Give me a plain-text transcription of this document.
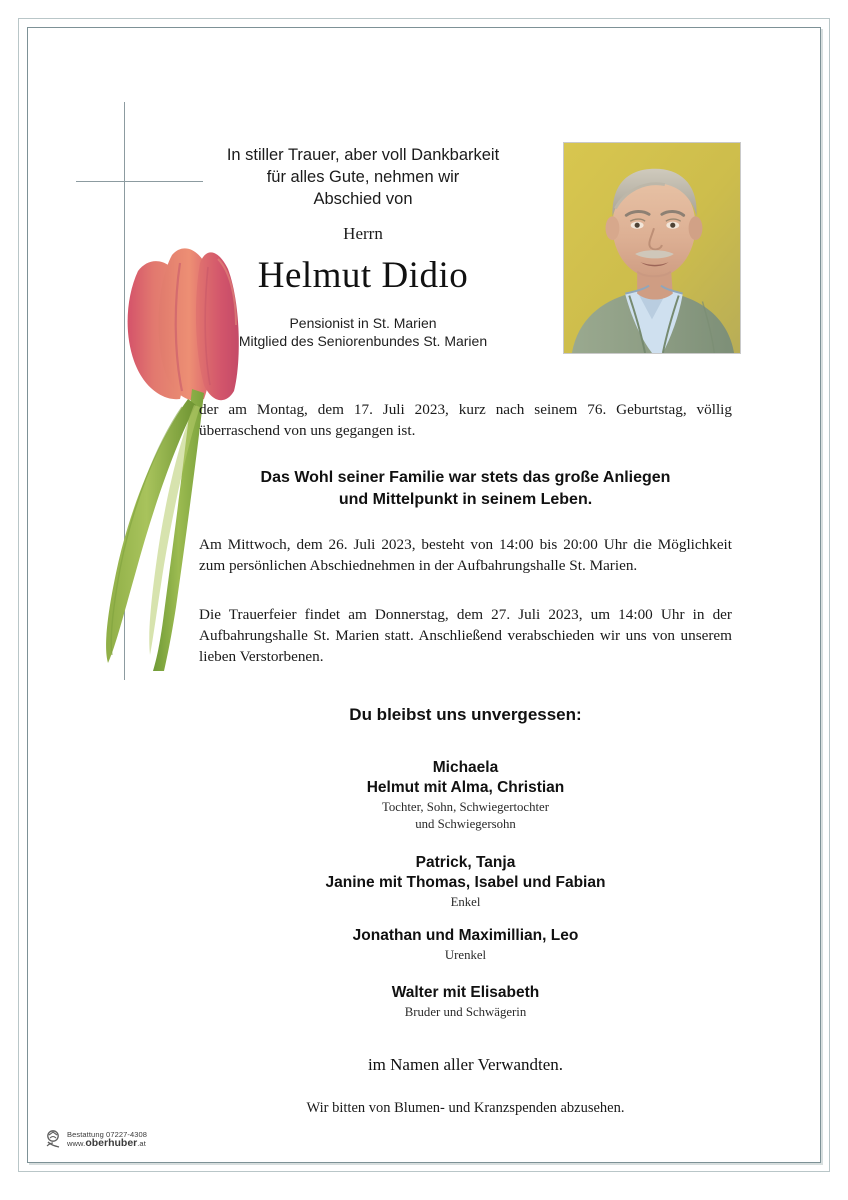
In stiller Trauer, aber voll Dankbarkeit
für alles Gute, nehmen wir
Abschied von
Herrn
Helmut Didio
Pensionist in St. Marien
Mitglied des Seniorenbundes St. Marien
der am Montag, dem 17. Juli 2023, kurz nach seinem 76. Geburtstag, völlig überraschend von uns gegangen ist.
Das Wohl seiner Familie war stets das große Anliegen
und Mittelpunkt in seinem Leben.
Am Mittwoch, dem 26. Juli 2023, besteht von 14:00 bis 20:00 Uhr die Möglichkeit zum persönlichen Abschiednehmen in der Aufbahrungshalle St. Marien.
Die Trauerfeier findet am Donnerstag, dem 27. Juli 2023, um 14:00 Uhr in der Aufbahrungshalle St. Marien statt. Anschließend verabschieden wir uns von unserem lieben Verstorbenen.
Du bleibst uns unvergessen:
Michaela
Helmut mit Alma, Christian
Tochter, Sohn, Schwiegertochter
und Schwiegersohn
Patrick, Tanja
Janine mit Thomas, Isabel und Fabian
Enkel
Jonathan und Maximillian, Leo
Urenkel
Walter mit Elisabeth
Bruder und Schwägerin
im Namen aller Verwandten.
Wir bitten von Blumen- und Kranzspenden abzusehen.
Bestattung 07227-4308
www.oberhuber.at
